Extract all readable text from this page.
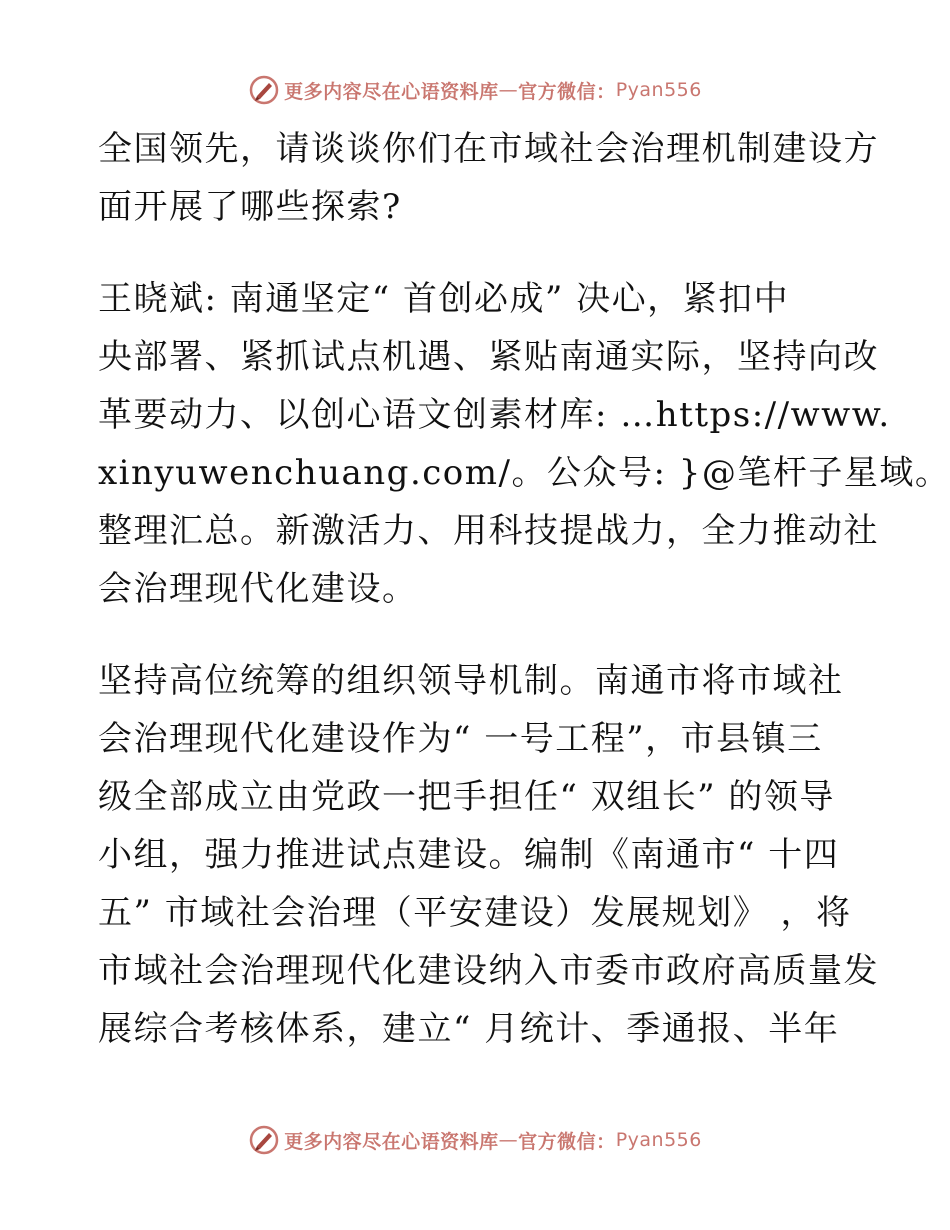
更多内容尽在心语资料库 — 官方微信： Pyan556
全国领先，请谈谈你们在市域社会治理机制建设方
面开展了哪些探索?
王晓斌: 南通坚定“ 首创必成” 决心，紧扣中
央部署、紧抓试点机遇、紧贴南通实际，坚持向改
革要动力、以创心语文创素材库: …https://www.
xinyuwenchuang.com/。公众号: }@笔杆子星域。
整理汇总。新激活力、用科技提战力，全力推动社
会治理现代化建设。
坚持高位统筹的组织领导机制。南通市将市域社
会治理现代化建设作为“ 一号工程”，市县镇三
级全部成立由党政一把手担任“ 双组长” 的领导
小组，强力推进试点建设。编制《南通市“ 十四
五” 市域社会治理（平安建设）发展规划》 ，将
市域社会治理现代化建设纳入市委市政府高质量发
展综合考核体系，建立“ 月统计、季通报、半年
更多内容尽在心语资料库 — 官方微信： Pyan556
